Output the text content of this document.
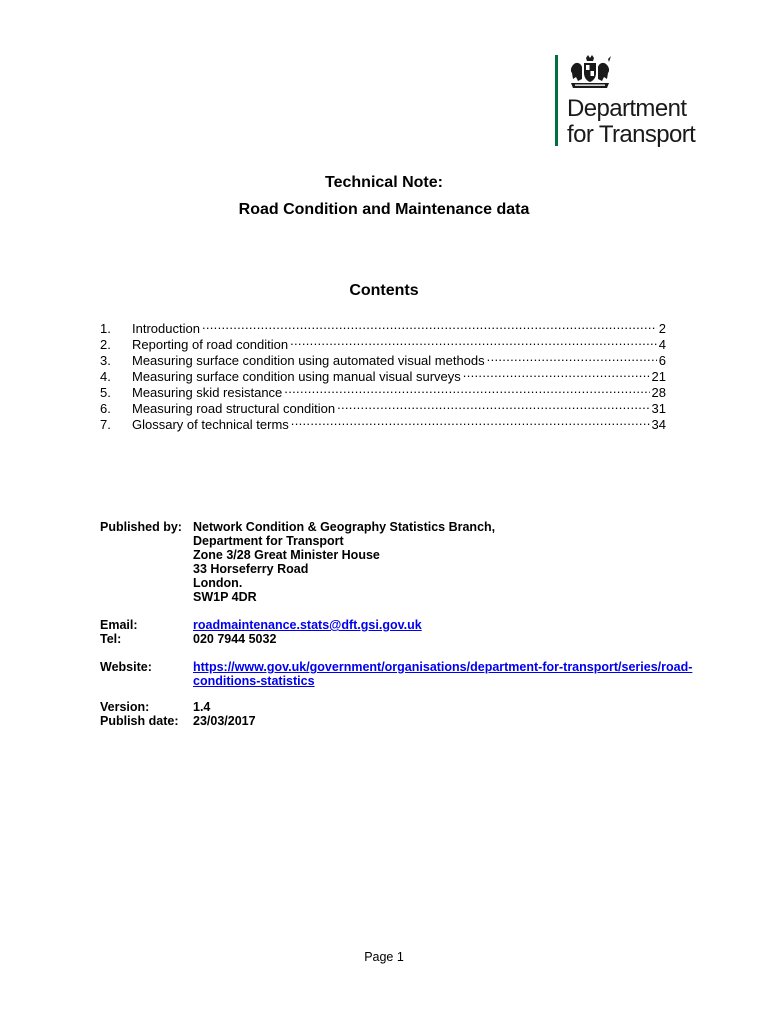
Department
for Transport
Technical Note:
Road Condition and Maintenance data
Contents
1.	Introduction .....	2
2.	Reporting of road condition .....	4
3.	Measuring surface condition using automated visual methods .....	6
4.	Measuring surface condition using manual visual surveys .....	21
5.	Measuring skid resistance .....	28
6.	Measuring road structural condition .....	31
7.	Glossary of technical terms .....	34
Published by: Network Condition & Geography Statistics Branch,
Department for Transport
Zone 3/28 Great Minister House
33 Horseferry Road
London.
SW1P 4DR
Email:	roadmaintenance.stats@dft.gsi.gov.uk
Tel:	020 7944 5032
Website:	https://www.gov.uk/government/organisations/department-for-transport/series/road-
conditions-statistics
Version:	1.4
Publish date: 23/03/2017
Page 1
